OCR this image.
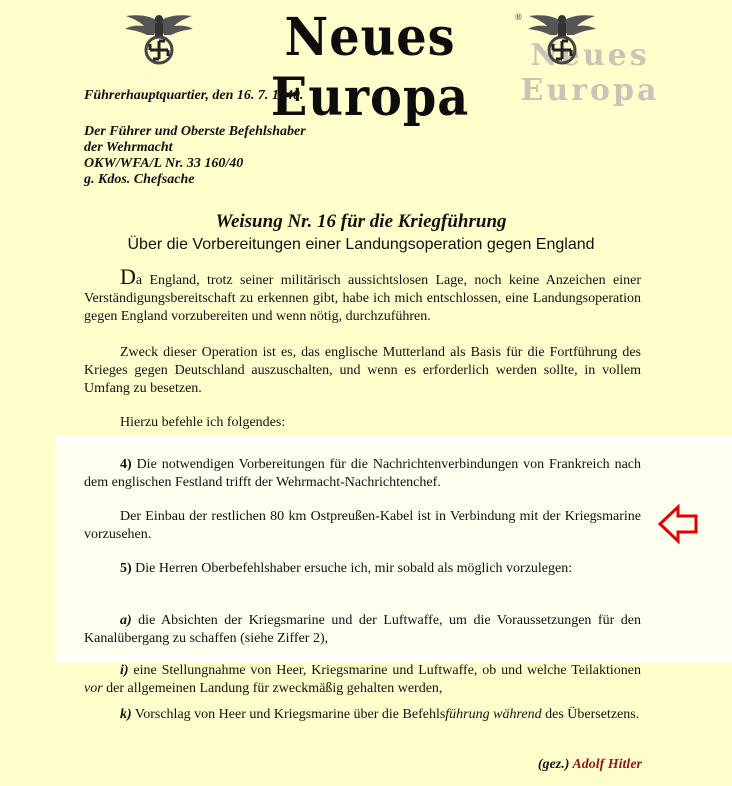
Neues Europa
Neues Europa
®
Führerhauptquartier, den 16. 7. 1940.
Der Führer und Oberste Befehlshaber
der Wehrmacht
OKW/WFA/L Nr. 33 160/40
g. Kdos. Chefsache
Weisung Nr. 16 für die Kriegführung
Über die Vorbereitungen einer Landungsoperation gegen England
Da England, trotz seiner militärisch aussichtslosen Lage, noch keine Anzeichen einer Verständigungsbereitschaft zu erkennen gibt, habe ich mich entschlossen, eine Landungsoperation gegen England vorzubereiten und wenn nötig, durchzuführen.
Zweck dieser Operation ist es, das englische Mutterland als Basis für die Fortführung des Krieges gegen Deutschland auszuschalten, und wenn es erforderlich werden sollte, in vollem Umfang zu besetzen.
Hierzu befehle ich folgendes:
4) Die notwendigen Vorbereitungen für die Nachrichtenverbindungen von Frankreich nach dem englischen Festland trifft der Wehrmacht-Nachrichtenchef.
Der Einbau der restlichen 80 km Ostpreußen-Kabel ist in Verbindung mit der Kriegsmarine vorzusehen.
5) Die Herren Oberbefehlshaber ersuche ich, mir sobald als möglich vorzulegen:
a) die Absichten der Kriegsmarine und der Luftwaffe, um die Voraussetzungen für den Kanalübergang zu schaffen (siehe Ziffer 2),
i) eine Stellungnahme von Heer, Kriegsmarine und Luftwaffe, ob und welche Teilaktionen vor der allgemeinen Landung für zweckmäßig gehalten werden,
k) Vorschlag von Heer und Kriegsmarine über die Befehlsführung während des Übersetzens.
(gez.) Adolf Hitler
